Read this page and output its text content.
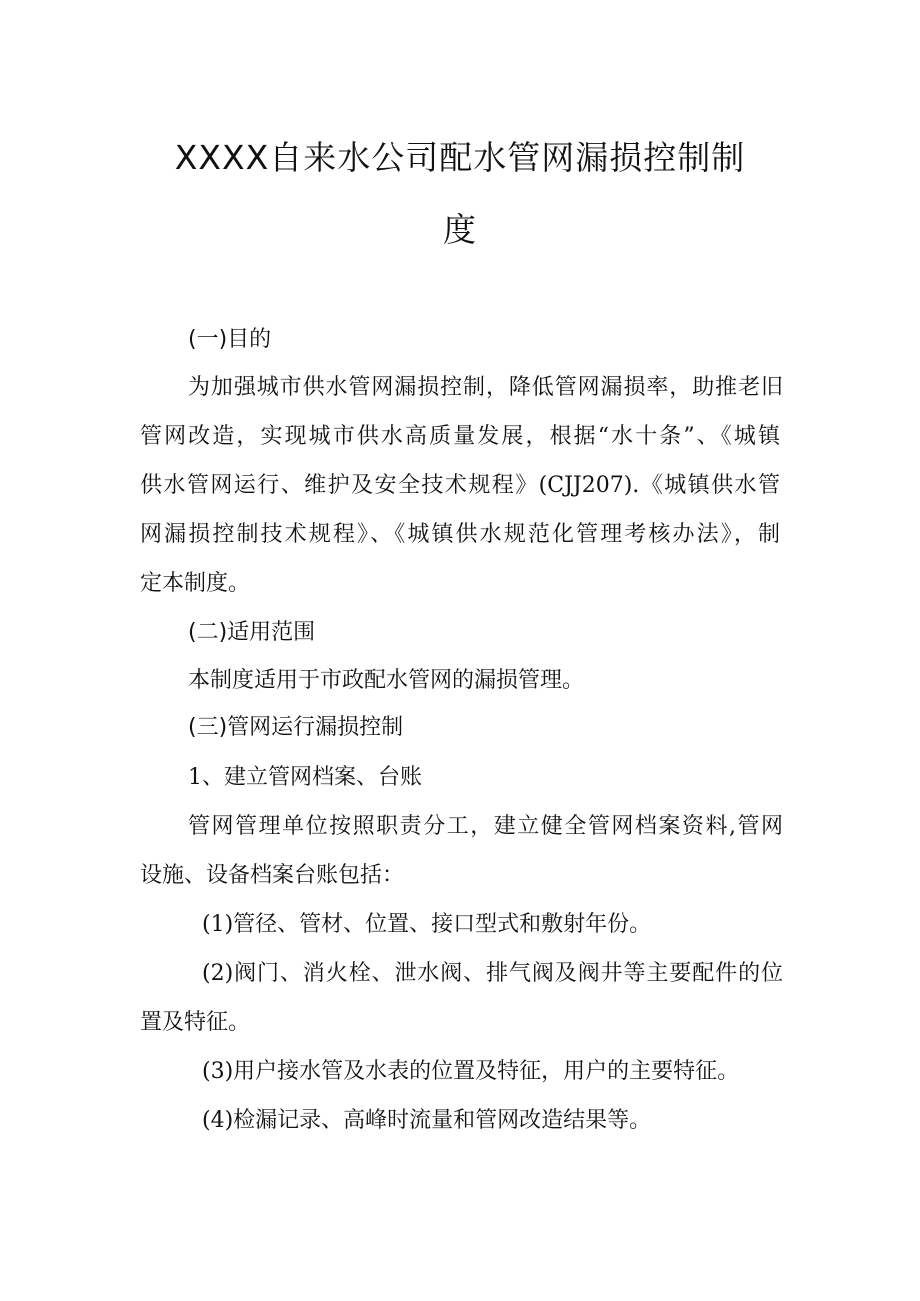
XXXX自来水公司配水管网漏损控制制
度
(一)目的
为加强城市供水管网漏损控制，降低管网漏损率，助推老旧
管网改造，实现城市供水高质量发展，根据“水十条”、《城镇
供水管网运行、维护及安全技术规程》(CJJ207).《城镇供水管
网漏损控制技术规程》、《城镇供水规范化管理考核办法》，制
定本制度。
(二)适用范围
本制度适用于市政配水管网的漏损管理。
(三)管网运行漏损控制
1、建立管网档案、台账
管网管理单位按照职责分工，建立健全管网档案资料,管网
设施、设备档案台账包括：
(1)管径、管材、位置、接口型式和敷射年份。
(2)阀门、消火栓、泄水阀、排气阀及阀井等主要配件的位
置及特征。
(3)用户接水管及水表的位置及特征，用户的主要特征。
(4)检漏记录、高峰时流量和管网改造结果等。
